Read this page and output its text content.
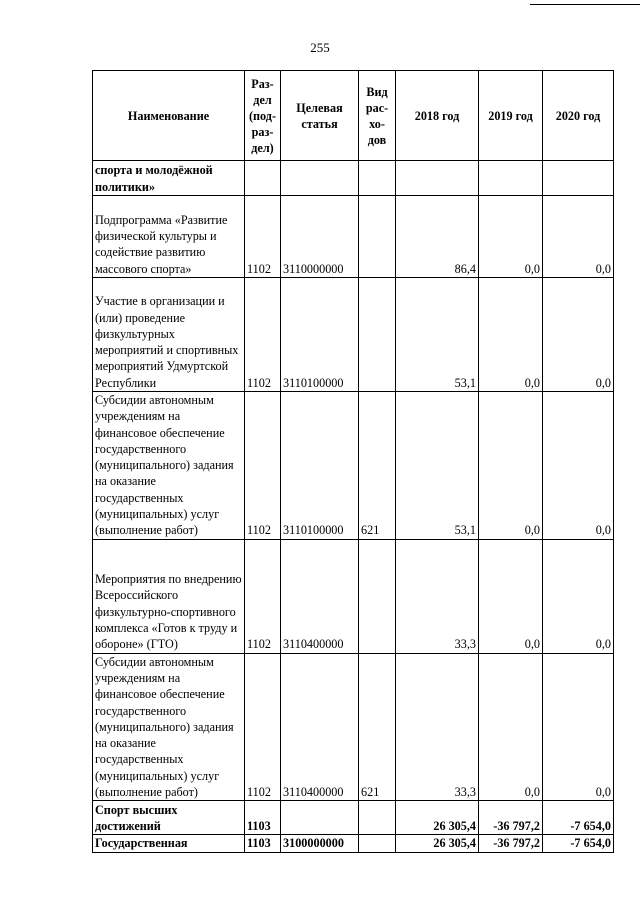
255
Наименование	Раз-дел (под-раз-дел)	Целевая статья	Вид рас-хо-дов	2018 год	2019 год	2020 год
спорта и молодёжной политики»						
Подпрограмма «Развитие физической культуры и содействие развитию массового спорта»	1102	3110000000		86,4	0,0	0,0
Участие в организации и (или) проведение физкультурных мероприятий и спортивных мероприятий Удмуртской Республики	1102	3110100000		53,1	0,0	0,0
Субсидии автономным учреждениям на финансовое обеспечение государственного (муниципального) задания на оказание государственных (муниципальных) услуг (выполнение работ)	1102	3110100000	621	53,1	0,0	0,0
Мероприятия по внедрению Всероссийского физкультурно-спортивного комплекса «Готов к труду и обороне» (ГТО)	1102	3110400000		33,3	0,0	0,0
Субсидии автономным учреждениям на финансовое обеспечение государственного (муниципального) задания на оказание государственных (муниципальных) услуг (выполнение работ)	1102	3110400000	621	33,3	0,0	0,0
Спорт высших достижений	1103			26 305,4	-36 797,2	-7 654,0
Государственная	1103	3100000000		26 305,4	-36 797,2	-7 654,0
